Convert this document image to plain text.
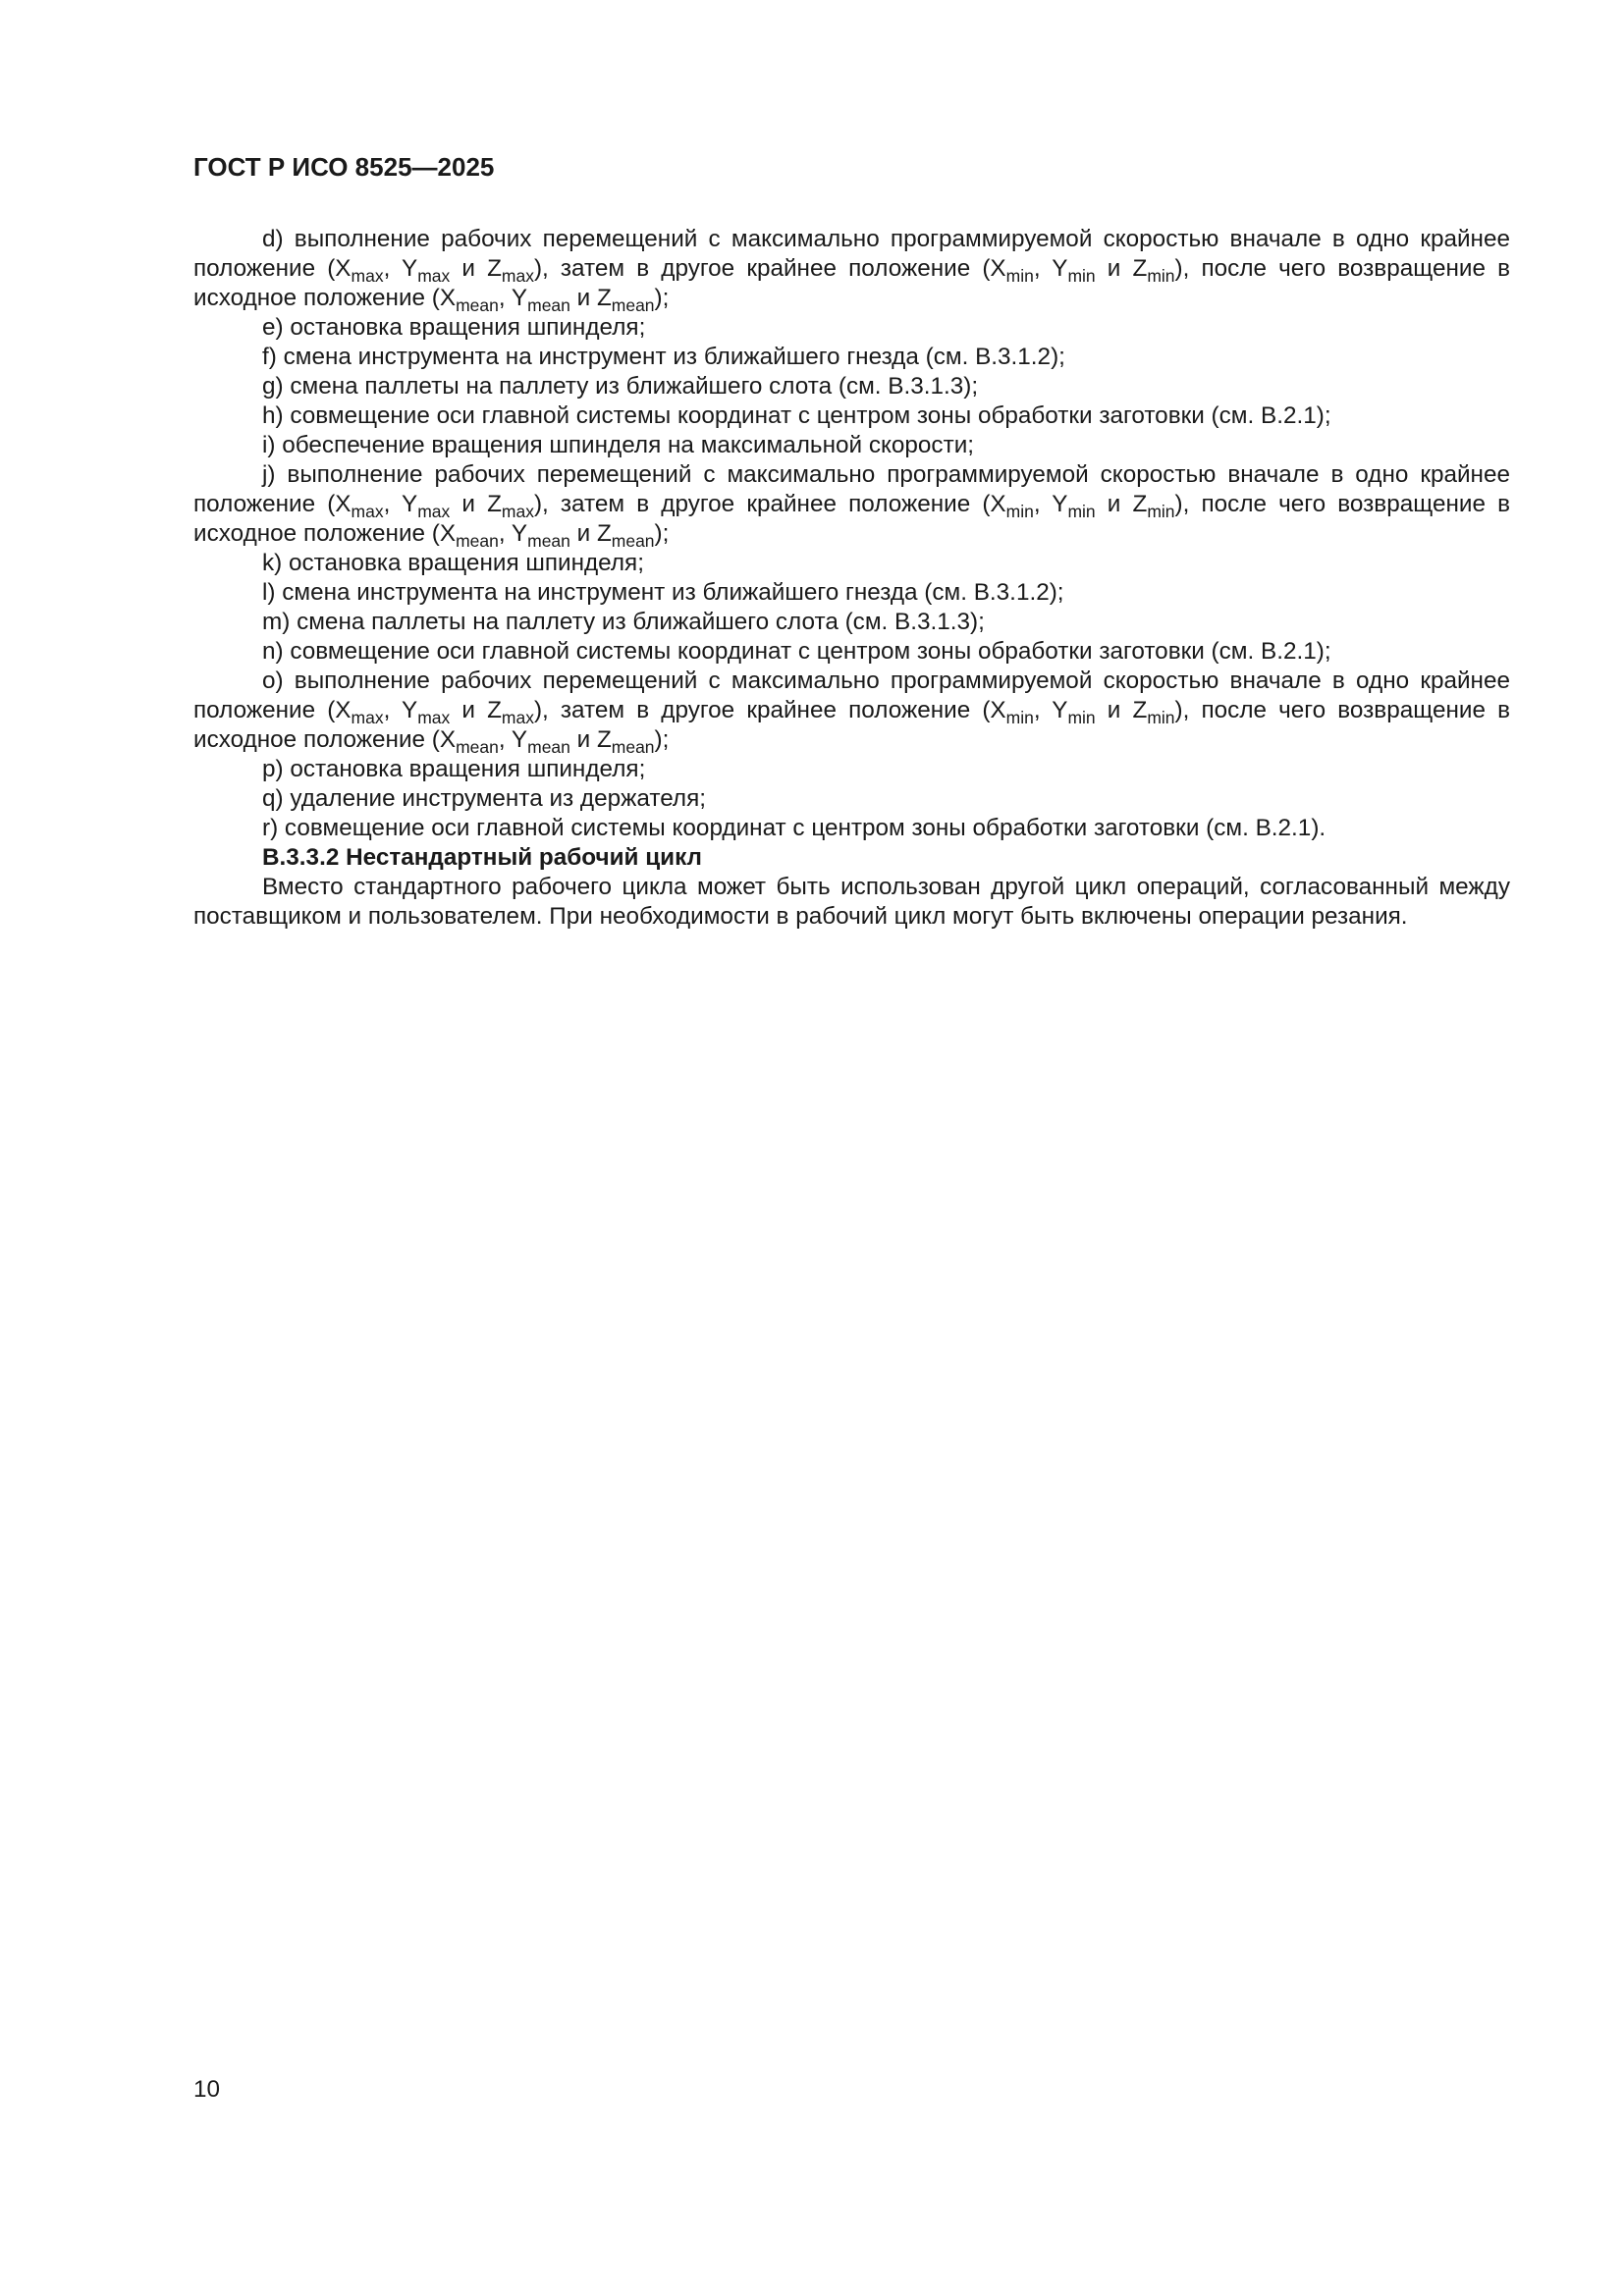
ГОСТ Р ИСО 8525—2025

d) выполнение рабочих перемещений с максимально программируемой скоростью вначале в одно крайнее положение ($X_{max}$, $Y_{max}$ и $Z_{max}$), затем в другое крайнее положение ($X_{min}$, $Y_{min}$ и $Z_{min}$), после чего возвращение в исходное положение ($X_{mean}$, $Y_{mean}$ и $Z_{mean}$);

e) остановка вращения шпинделя;

f) смена инструмента на инструмент из ближайшего гнезда (см. В.3.1.2);

g) смена паллеты на паллету из ближайшего слота (см. В.3.1.3);

h) совмещение оси главной системы координат с центром зоны обработки заготовки (см. В.2.1);

i) обеспечение вращения шпинделя на максимальной скорости;

j) выполнение рабочих перемещений с максимально программируемой скоростью вначале в одно крайнее положение ($X_{max}$, $Y_{max}$ и $Z_{max}$), затем в другое крайнее положение ($X_{min}$, $Y_{min}$ и $Z_{min}$), после чего возвращение в исходное положение ($X_{mean}$, $Y_{mean}$ и $Z_{mean}$);

k) остановка вращения шпинделя;

l) смена инструмента на инструмент из ближайшего гнезда (см. В.3.1.2);

m) смена паллеты на паллету из ближайшего слота (см. В.3.1.3);

n) совмещение оси главной системы координат с центром зоны обработки заготовки (см. В.2.1);

o) выполнение рабочих перемещений с максимально программируемой скоростью вначале в одно крайнее положение ($X_{max}$, $Y_{max}$ и $Z_{max}$), затем в другое крайнее положение ($X_{min}$, $Y_{min}$ и $Z_{min}$), после чего возвращение в исходное положение ($X_{mean}$, $Y_{mean}$ и $Z_{mean}$);

p) остановка вращения шпинделя;

q) удаление инструмента из держателя;

r) совмещение оси главной системы координат с центром зоны обработки заготовки (см. В.2.1).

В.3.3.2 Нестандартный рабочий цикл

Вместо стандартного рабочего цикла может быть использован другой цикл операций, согласованный между поставщиком и пользователем. При необходимости в рабочий цикл могут быть включены операции резания.

10
